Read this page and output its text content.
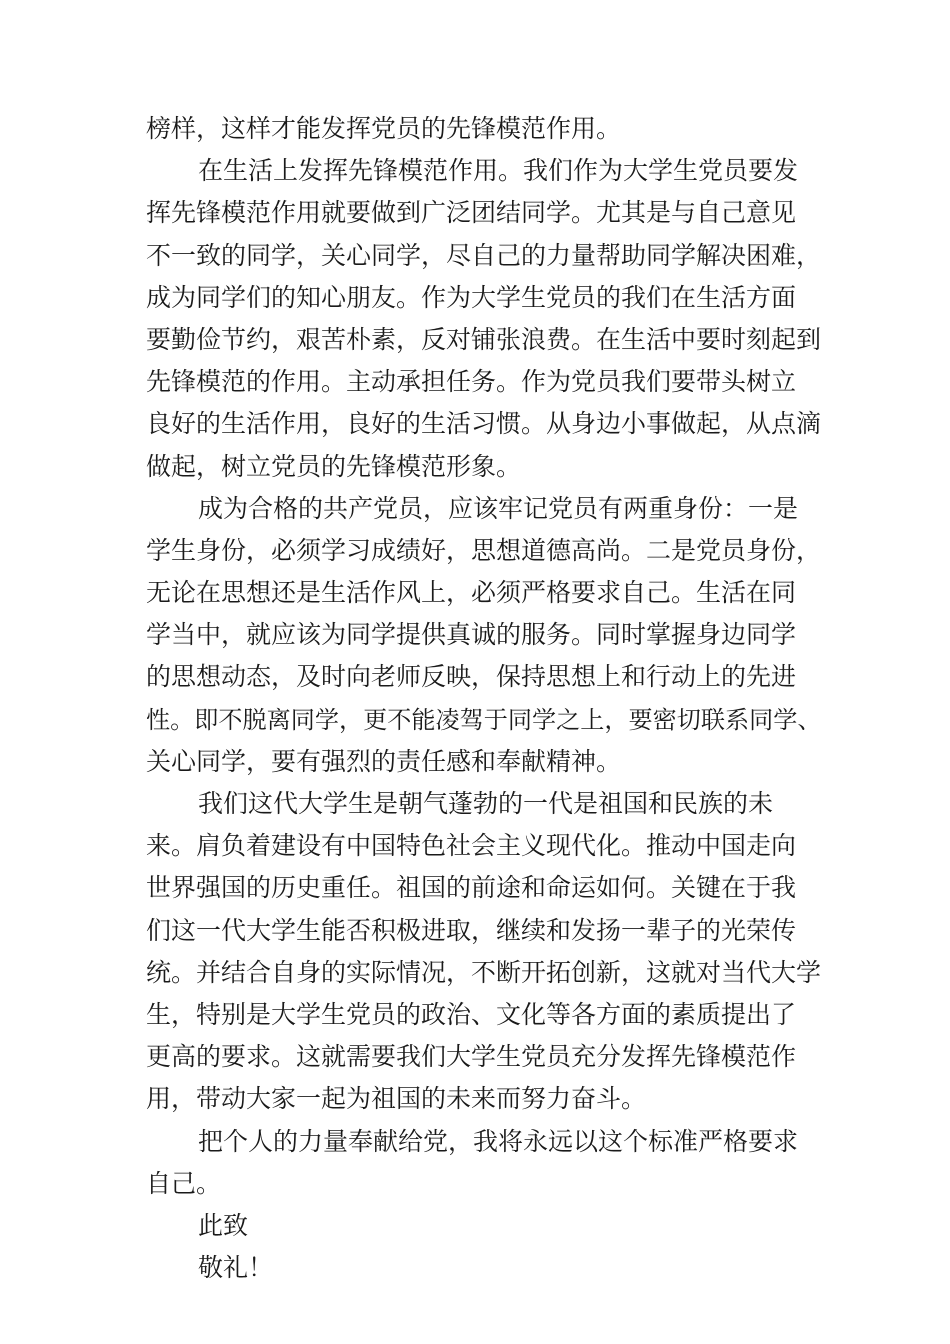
榜样，这样才能发挥党员的先锋模范作用。
在生活上发挥先锋模范作用。我们作为大学生党员要发
挥先锋模范作用就要做到广泛团结同学。尤其是与自己意见
不一致的同学，关心同学，尽自己的力量帮助同学解决困难，
成为同学们的知心朋友。作为大学生党员的我们在生活方面
要勤俭节约，艰苦朴素，反对铺张浪费。在生活中要时刻起到
先锋模范的作用。主动承担任务。作为党员我们要带头树立
良好的生活作用，良好的生活习惯。从身边小事做起，从点滴
做起，树立党员的先锋模范形象。
成为合格的共产党员，应该牢记党员有两重身份：一是
学生身份，必须学习成绩好，思想道德高尚。二是党员身份，
无论在思想还是生活作风上，必须严格要求自己。生活在同
学当中，就应该为同学提供真诚的服务。同时掌握身边同学
的思想动态，及时向老师反映，保持思想上和行动上的先进
性。即不脱离同学，更不能凌驾于同学之上，要密切联系同学、
关心同学，要有强烈的责任感和奉献精神。
我们这代大学生是朝气蓬勃的一代是祖国和民族的未
来。肩负着建设有中国特色社会主义现代化。推动中国走向
世界强国的历史重任。祖国的前途和命运如何。关键在于我
们这一代大学生能否积极进取，继续和发扬一辈子的光荣传
统。并结合自身的实际情况，不断开拓创新，这就对当代大学
生，特别是大学生党员的政治、文化等各方面的素质提出了
更高的要求。这就需要我们大学生党员充分发挥先锋模范作
用，带动大家一起为祖国的未来而努力奋斗。
把个人的力量奉献给党，我将永远以这个标准严格要求
自己。
此致
敬礼！
